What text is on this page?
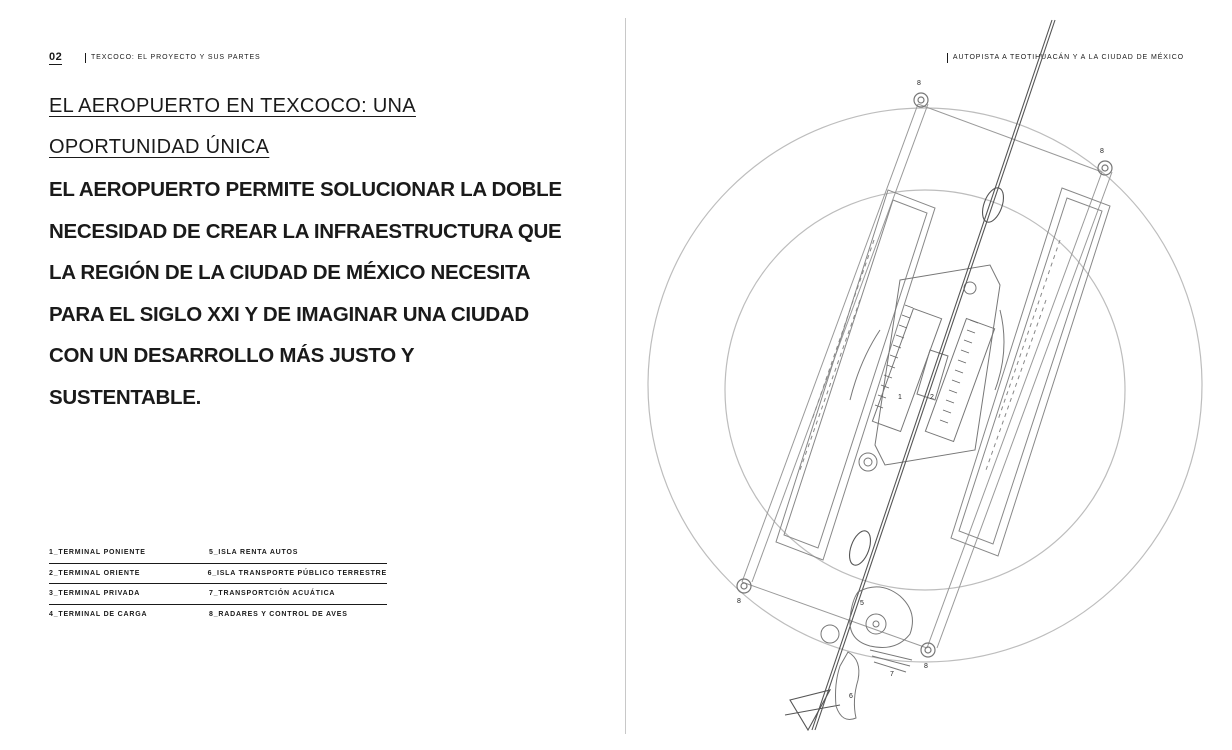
02	TEXCOCO: EL PROYECTO Y SUS PARTES
EL AEROPUERTO EN TEXCOCO: UNA OPORTUNIDAD ÚNICA

EL AEROPUERTO PERMITE SOLUCIONAR LA DOBLE NECESIDAD DE CREAR LA INFRAESTRUCTURA QUE LA REGIÓN DE LA CIUDAD DE MÉXICO NECESITA PARA EL SIGLO XXI Y DE IMAGINAR UNA CIUDAD CON UN DESARROLLO MÁS JUSTO Y SUSTENTABLE.

1_TERMINAL PONIENTE	5_ISLA RENTA AUTOS
2_TERMINAL ORIENTE	6_ISLA TRANSPORTE PÚBLICO TERRESTRE
3_TERMINAL PRIVADA	7_TRANSPORTCIÓN ACUÁTICA
4_TERMINAL DE CARGA	8_RADARES Y CONTROL DE AVES
AUTOPISTA A TEOTIHUACÁN Y A LA CIUDAD DE MÉXICO
8
8
8
8
1	2
5
6
7
